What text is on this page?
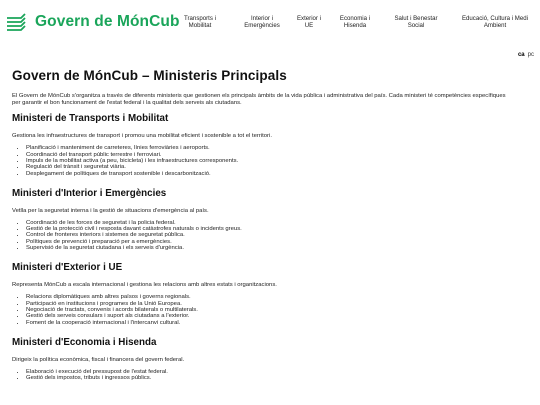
Govern de MónCub Transports i
Mobilitat
Interior i
Emergències
Exterior i
UE
Economia i
Hisenda
Salut i Benestar
Social
Educació, Cultura i Medi
Ambient
ca pc
Govern de MónCub – Ministeris Principals

El Govern de MónCub s'organitza a través de diferents ministeris que gestionen els principals àmbits de la vida pública i administrativa del país. Cada ministeri té competències específiques per garantir el bon funcionament de l'estat federal i la qualitat dels serveis als ciutadans.

Ministeri de Transports i Mobilitat

Gestiona les infraestructures de transport i promou una mobilitat eficient i sostenible a tot el territori.

• Planificació i manteniment de carreteres, línies ferroviàries i aeroports.
• Coordinació del transport públic terrestre i ferroviari.
• Impuls de la mobilitat activa (a peu, bicicleta) i les infraestructures corresponents.
• Regulació del trànsit i seguretat viària.
• Desplegament de polítiques de transport sostenible i descarbonització.
Ministeri d'Interior i Emergències

Vetlla per la seguretat interna i la gestió de situacions d'emergència al país.

• Coordinació de les forces de seguretat i la policia federal.
• Gestió de la protecció civil i resposta davant catàstrofes naturals o incidents greus.
• Control de fronteres interiors i sistemes de seguretat pública.
• Polítiques de prevenció i preparació per a emergències.
• Supervisió de la seguretat ciutadana i els serveis d'urgència.
Ministeri d'Exterior i UE

Representa MónCub a escala internacional i gestiona les relacions amb altres estats i organitzacions.

• Relacions diplomàtiques amb altres països i governs regionals.
• Participació en institucions i programes de la Unió Europea.
• Negociació de tractats, convenis i acords bilaterals o multilaterals.
• Gestió dels serveis consulars i suport als ciutadans a l'exterior.
• Foment de la cooperació internacional i l'intercanvi cultural.
Ministeri d'Economia i Hisenda

Dirigeix la política econòmica, fiscal i financera del govern federal.

• Elaboració i execució del pressupost de l'estat federal.
• Gestió dels impostos, tributs i ingressos públics.
